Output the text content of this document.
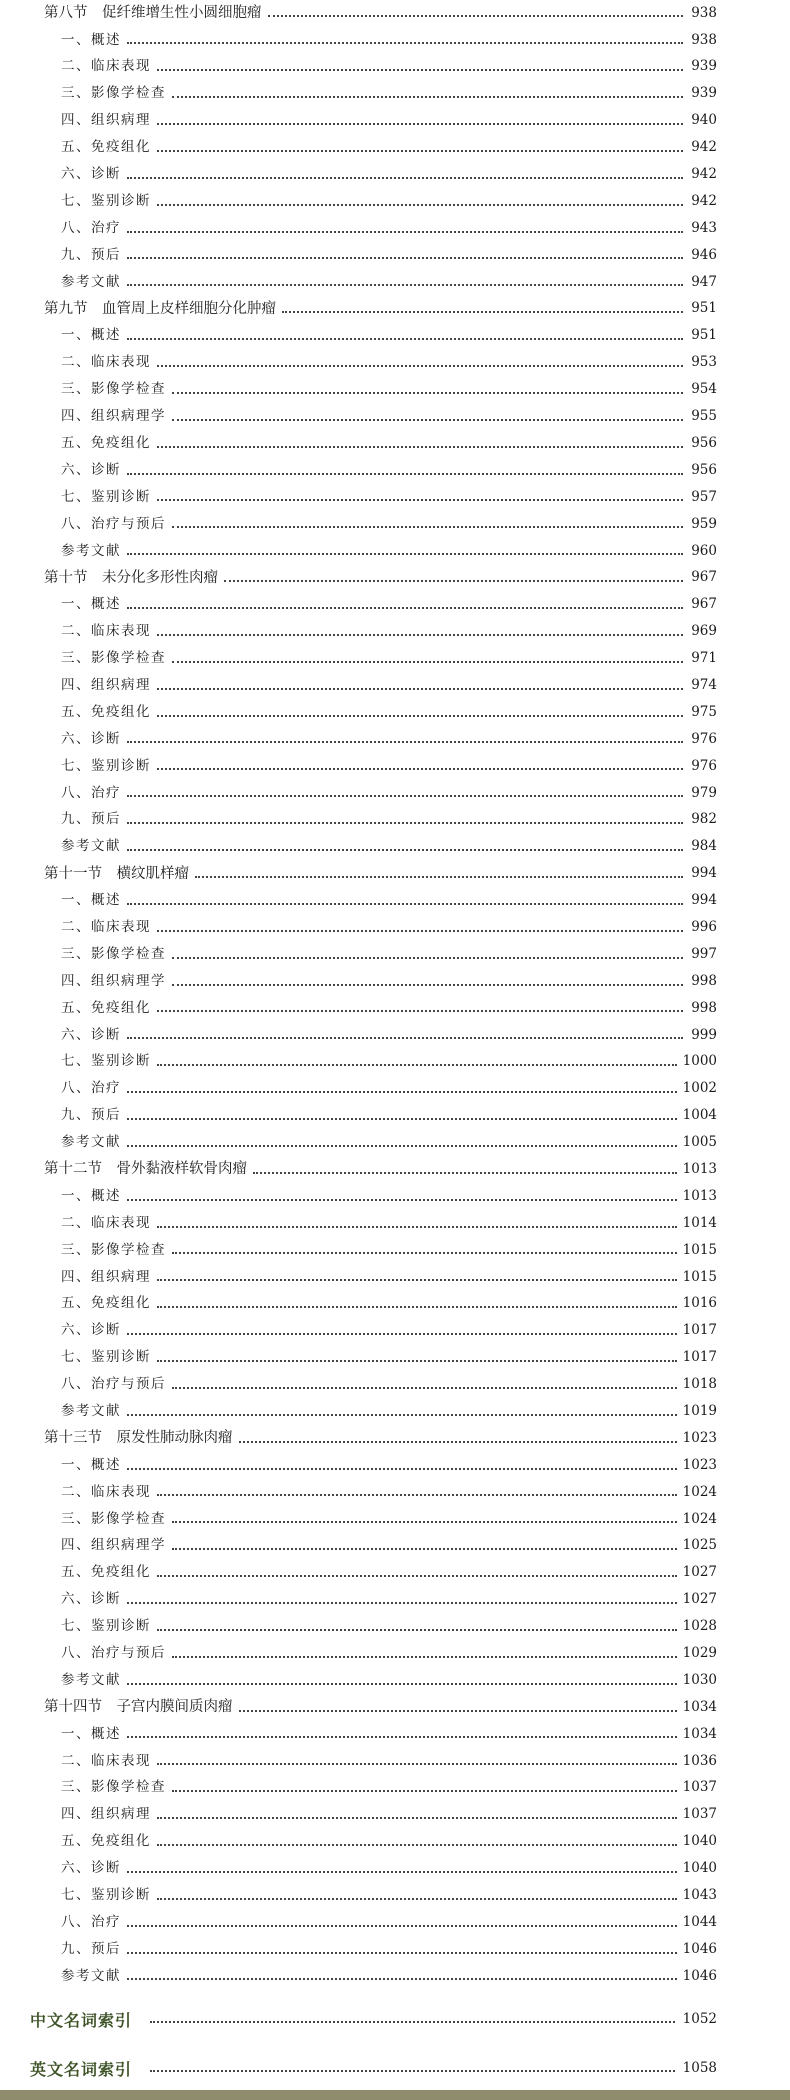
第八节　促纤维增生性小圆细胞瘤	938
一、概述	938
二、临床表现	939
三、影像学检查	939
四、组织病理	940
五、免疫组化	942
六、诊断	942
七、鉴别诊断	942
八、治疗	943
九、预后	946
参考文献	947
第九节　血管周上皮样细胞分化肿瘤	951
一、概述	951
二、临床表现	953
三、影像学检查	954
四、组织病理学	955
五、免疫组化	956
六、诊断	956
七、鉴别诊断	957
八、治疗与预后	959
参考文献	960
第十节　未分化多形性肉瘤	967
一、概述	967
二、临床表现	969
三、影像学检查	971
四、组织病理	974
五、免疫组化	975
六、诊断	976
七、鉴别诊断	976
八、治疗	979
九、预后	982
参考文献	984
第十一节　横纹肌样瘤	994
一、概述	994
二、临床表现	996
三、影像学检查	997
四、组织病理学	998
五、免疫组化	998
六、诊断	999
七、鉴别诊断	1000
八、治疗	1002
九、预后	1004
参考文献	1005
第十二节　骨外黏液样软骨肉瘤	1013
一、概述	1013
二、临床表现	1014
三、影像学检查	1015
四、组织病理	1015
五、免疫组化	1016
六、诊断	1017
七、鉴别诊断	1017
八、治疗与预后	1018
参考文献	1019
第十三节　原发性肺动脉肉瘤	1023
一、概述	1023
二、临床表现	1024
三、影像学检查	1024
四、组织病理学	1025
五、免疫组化	1027
六、诊断	1027
七、鉴别诊断	1028
八、治疗与预后	1029
参考文献	1030
第十四节　子宫内膜间质肉瘤	1034
一、概述	1034
二、临床表现	1036
三、影像学检查	1037
四、组织病理	1037
五、免疫组化	1040
六、诊断	1040
七、鉴别诊断	1043
八、治疗	1044
九、预后	1046
参考文献	1046
中文名词索引	1052
英文名词索引	1058
